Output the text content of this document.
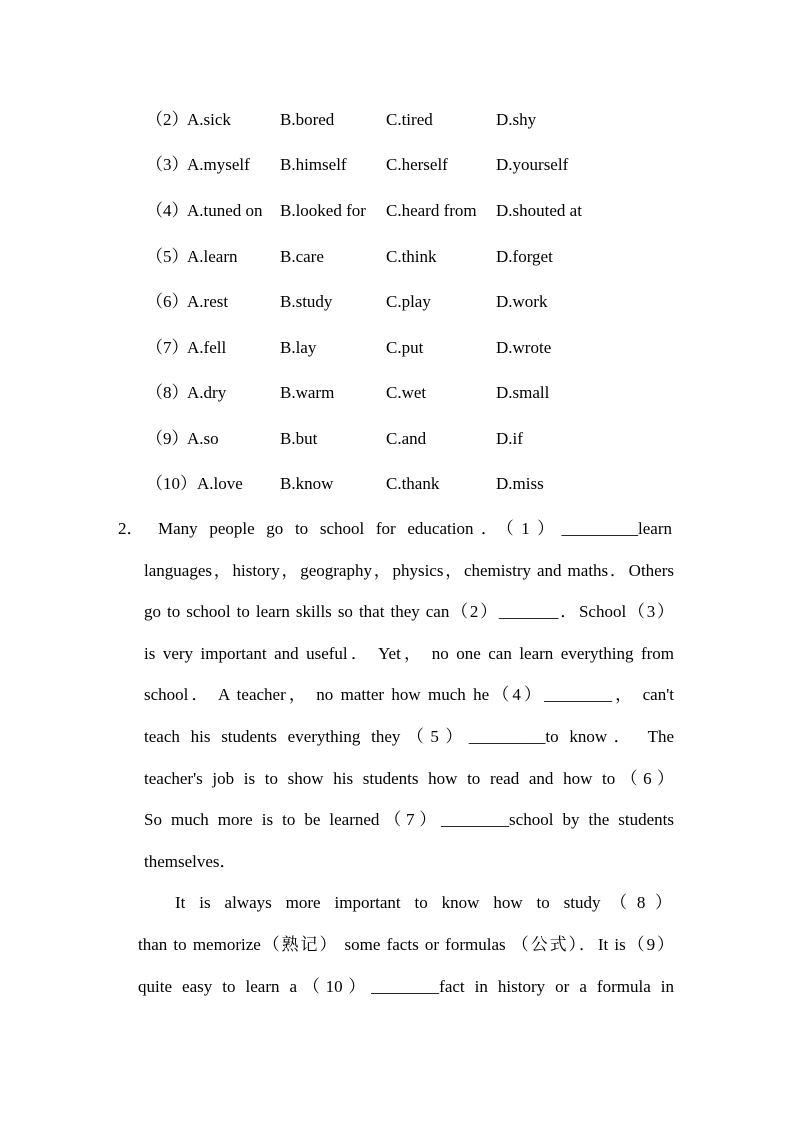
（2）
A.sick	B.bored	C.tired	D.shy
（3）
A.myself B.himself C.herself	D.yourself
（4）
A.tuned on B.looked for C.heard from D.shouted at
（5）
A.learn B.care	C.think	D.forget
（6）
A.rest	B.study	C.play	D.work
（7）
A.fell	B.lay	C.put	D.wrote
（8）
A.dry	B.warm	C.wet	D.small
（9）
A.so	B.but	C.and	D.if
（10） A.love B.know	C.thank	D.miss
2． Many people go to school for education．（1）_________learn
languages，history，geography，physics，chemistry and maths．Others
go to school to learn skills so that they can（2）_______．School（3）
is very important and useful． Yet， no one can learn everything from
school． A teacher， no matter how much he（4）________， can't
teach his students everything they（5）_________to know． The
teacher's job is to show his students how to read and how to（6）
So much more is to be learned（7）________school by the students
themselves．
It is always more important to know how to study（8）
than to memorize（熟记） some facts or formulas （公式）．It is（9）
quite easy to learn a（10）________fact in history or a formula in
